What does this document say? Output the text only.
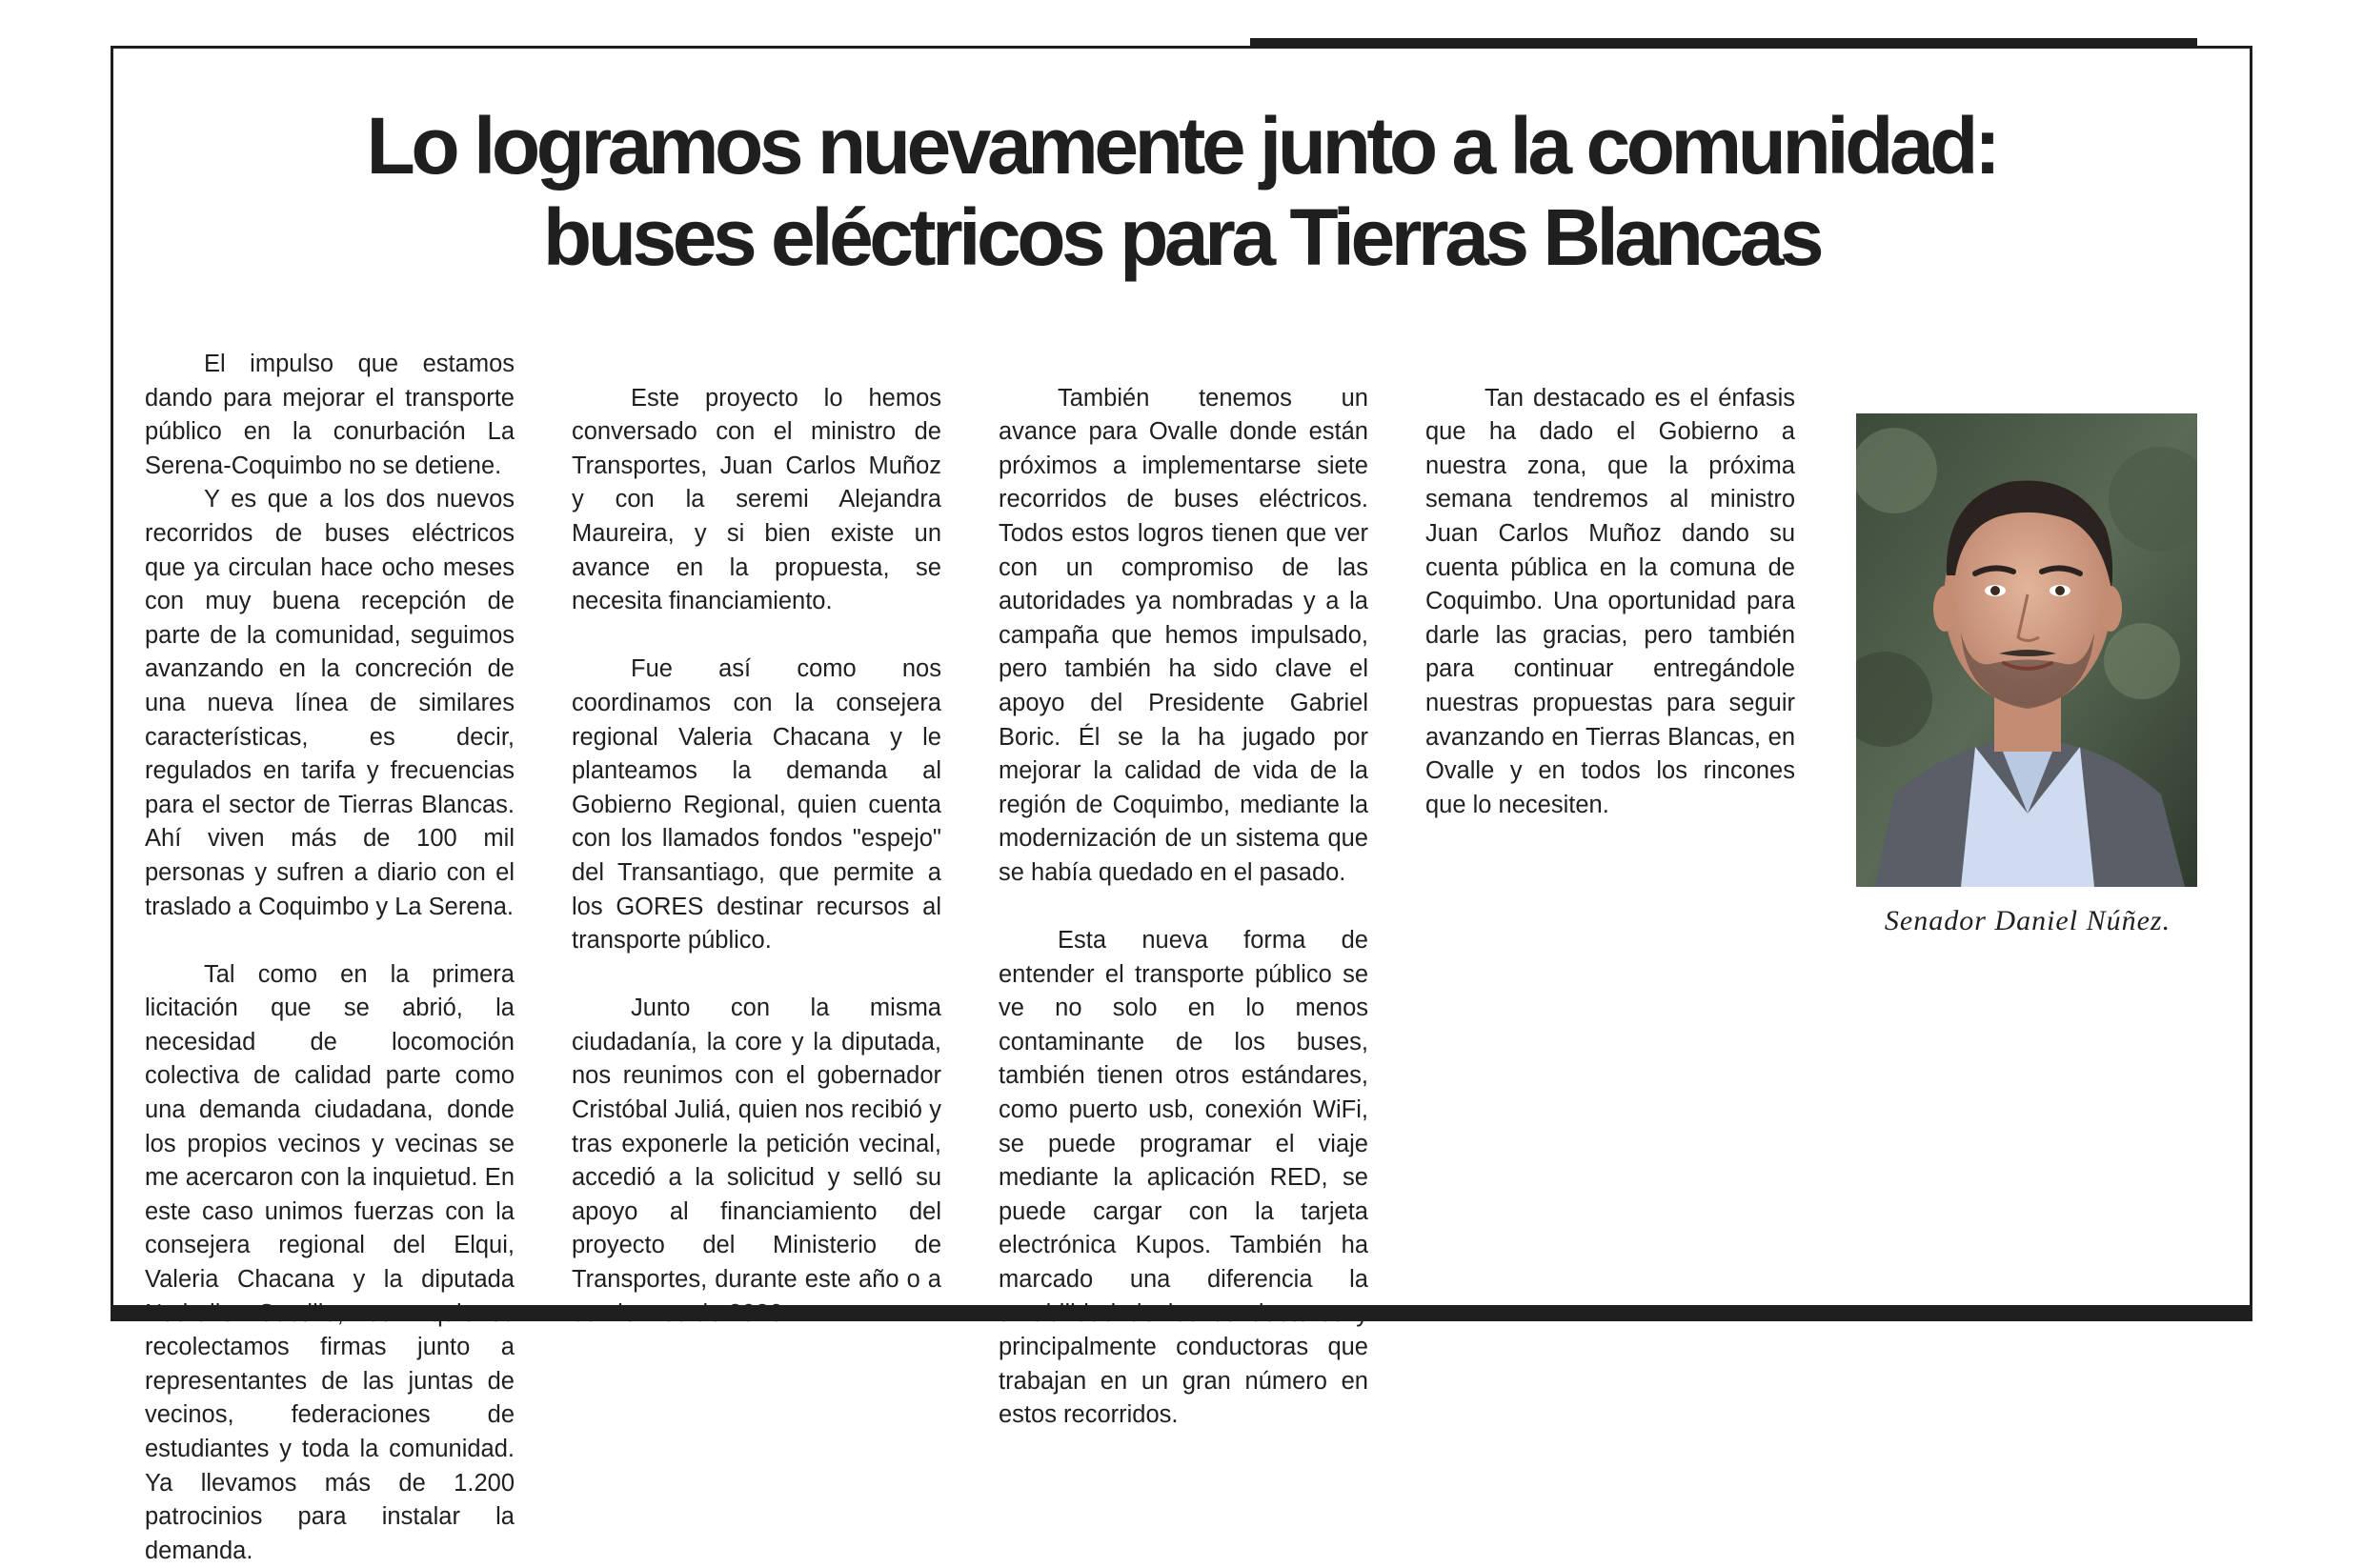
Lo logramos nuevamente junto a la comunidad:
buses eléctricos para Tierras Blancas

El impulso que estamos dando para mejorar el transporte público en la conurbación La Serena-Coquimbo no se detiene.

Y es que a los dos nuevos recorridos de buses eléctricos que ya circulan hace ocho meses con muy buena recepción de parte de la comunidad, seguimos avanzando en la concreción de una nueva línea de similares características, es decir, regulados en tarifa y frecuencias para el sector de Tierras Blancas. Ahí viven más de 100 mil personas y sufren a diario con el traslado a Coquimbo y La Serena.

Tal como en la primera licitación que se abrió, la necesidad de locomoción colectiva de calidad parte como una demanda ciudadana, donde los propios vecinos y vecinas se me acercaron con la inquietud. En este caso unimos fuerzas con la consejera regional del Elqui, Valeria Chacana y la diputada Nathalie Castillo, con quienes recolectamos firmas junto a representantes de las juntas de vecinos, federaciones de estudiantes y toda la comunidad. Ya llevamos más de 1.200 patrocinios para instalar la demanda.

Este proyecto lo hemos conversado con el ministro de Transportes, Juan Carlos Muñoz y con la seremi Alejandra Maureira, y si bien existe un avance en la propuesta, se necesita financiamiento.

Fue así como nos coordinamos con la consejera regional Valeria Chacana y le planteamos la demanda al Gobierno Regional, quien cuenta con los llamados fondos "espejo" del Transantiago, que permite a los GORES destinar recursos al transporte público.

Junto con la misma ciudadanía, la core y la diputada, nos reunimos con el gobernador Cristóbal Juliá, quien nos recibió y tras exponerle la petición vecinal, accedió a la solicitud y selló su apoyo al financiamiento del proyecto del Ministerio de Transportes, durante este año o a comienzos de 2026.

También tenemos un avance para Ovalle donde están próximos a implementarse siete recorridos de buses eléctricos. Todos estos logros tienen que ver con un compromiso de las autoridades ya nombradas y a la campaña que hemos impulsado, pero también ha sido clave el apoyo del Presidente Gabriel Boric. Él se la ha jugado por mejorar la calidad de vida de la región de Coquimbo, mediante la modernización de un sistema que se había quedado en el pasado.

Esta nueva forma de entender el transporte público se ve no solo en lo menos contaminante de los buses, también tienen otros estándares, como puerto usb, conexión WiFi, se puede programar el viaje mediante la aplicación RED, se puede cargar con la tarjeta electrónica Kupos. También ha marcado una diferencia la amabilidad de los conductores y principalmente conductoras que trabajan en un gran número en estos recorridos.

Tan destacado es el énfasis que ha dado el Gobierno a nuestra zona, que la próxima semana tendremos al ministro Juan Carlos Muñoz dando su cuenta pública en la comuna de Coquimbo. Una oportunidad para darle las gracias, pero también para continuar entregándole nuestras propuestas para seguir avanzando en Tierras Blancas, en Ovalle y en todos los rincones que lo necesiten.

Senador Daniel Núñez.
